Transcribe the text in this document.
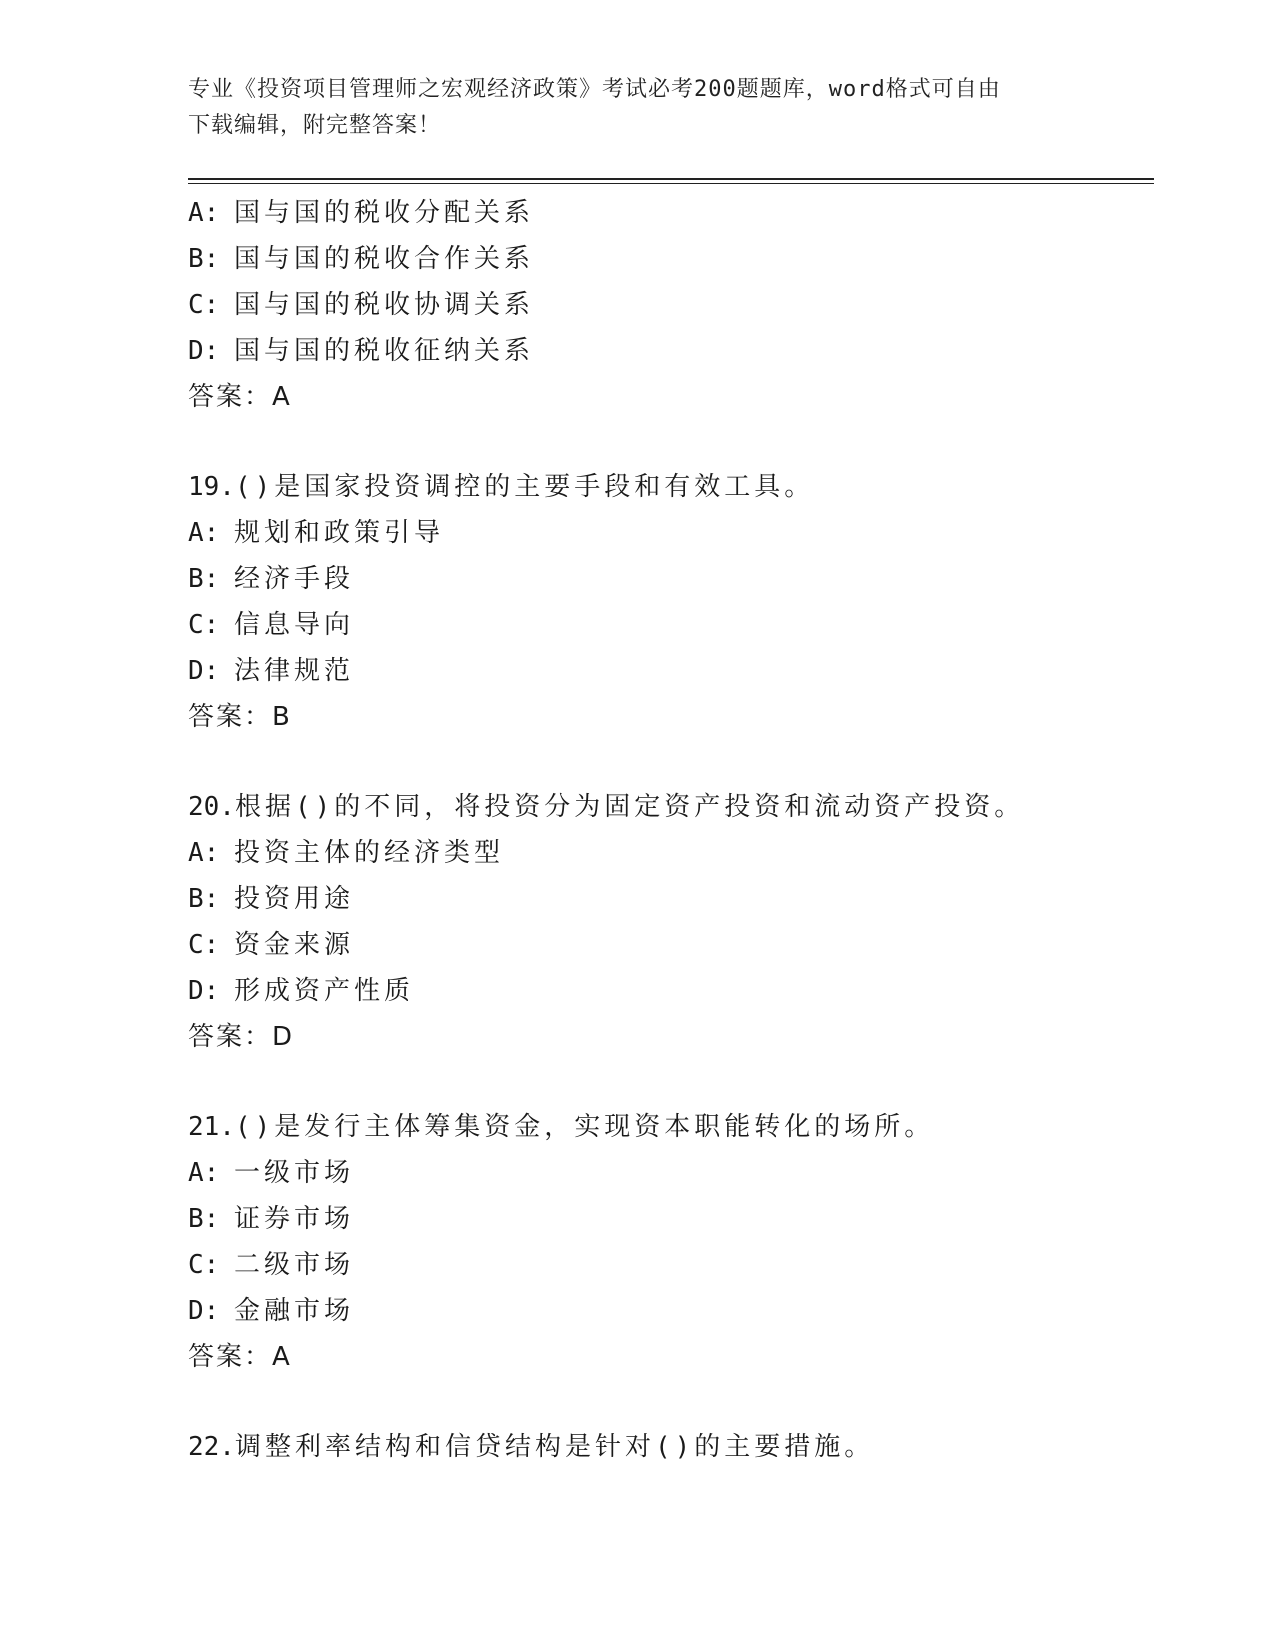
专业《投资项目管理师之宏观经济政策》考试必考200题题库，word格式可自由
下载编辑，附完整答案！
A: 国与国的税收分配关系
B: 国与国的税收合作关系
C: 国与国的税收协调关系
D: 国与国的税收征纳关系
答案：A
19.()是国家投资调控的主要手段和有效工具。
A: 规划和政策引导
B: 经济手段
C: 信息导向
D: 法律规范
答案：B
20.根据()的不同，将投资分为固定资产投资和流动资产投资。
A: 投资主体的经济类型
B: 投资用途
C: 资金来源
D: 形成资产性质
答案：D
21.()是发行主体筹集资金，实现资本职能转化的场所。
A: 一级市场
B: 证券市场
C: 二级市场
D: 金融市场
答案：A
22.调整利率结构和信贷结构是针对()的主要措施。
